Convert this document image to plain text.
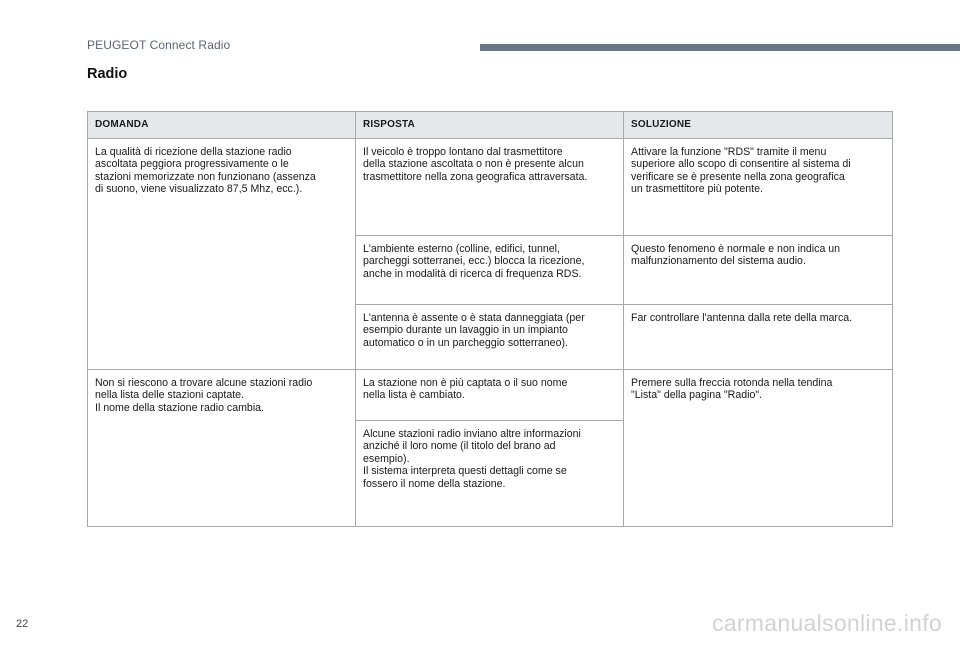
PEUGEOT Connect Radio
Radio
DOMANDA	RISPOSTA	SOLUZIONE
La qualità di ricezione della stazione radio
ascoltata peggiora progressivamente o le
stazioni memorizzate non funzionano (assenza
di suono, viene visualizzato 87,5 Mhz, ecc.).	Il veicolo è troppo lontano dal trasmettitore
della stazione ascoltata o non è presente alcun
trasmettitore nella zona geografica attraversata.	Attivare la funzione "RDS" tramite il menu
superiore allo scopo di consentire al sistema di
verificare se è presente nella zona geografica
un trasmettitore più potente.
	L'ambiente esterno (colline, edifici, tunnel,
parcheggi sotterranei, ecc.) blocca la ricezione,
anche in modalità di ricerca di frequenza RDS.	Questo fenomeno è normale e non indica un
malfunzionamento del sistema audio.
	L'antenna è assente o è stata danneggiata (per
esempio durante un lavaggio in un impianto
automatico o in un parcheggio sotterraneo).	Far controllare l'antenna dalla rete della marca.
Non si riescono a trovare alcune stazioni radio
nella lista delle stazioni captate.
Il nome della stazione radio cambia.	La stazione non è più captata o il suo nome
nella lista è cambiato.	Premere sulla freccia rotonda nella tendina
"Lista" della pagina "Radio".
	Alcune stazioni radio inviano altre informazioni
anziché il loro nome (il titolo del brano ad
esempio).
Il sistema interpreta questi dettagli come se
fossero il nome della stazione.	
22	carmanualsonline.info
